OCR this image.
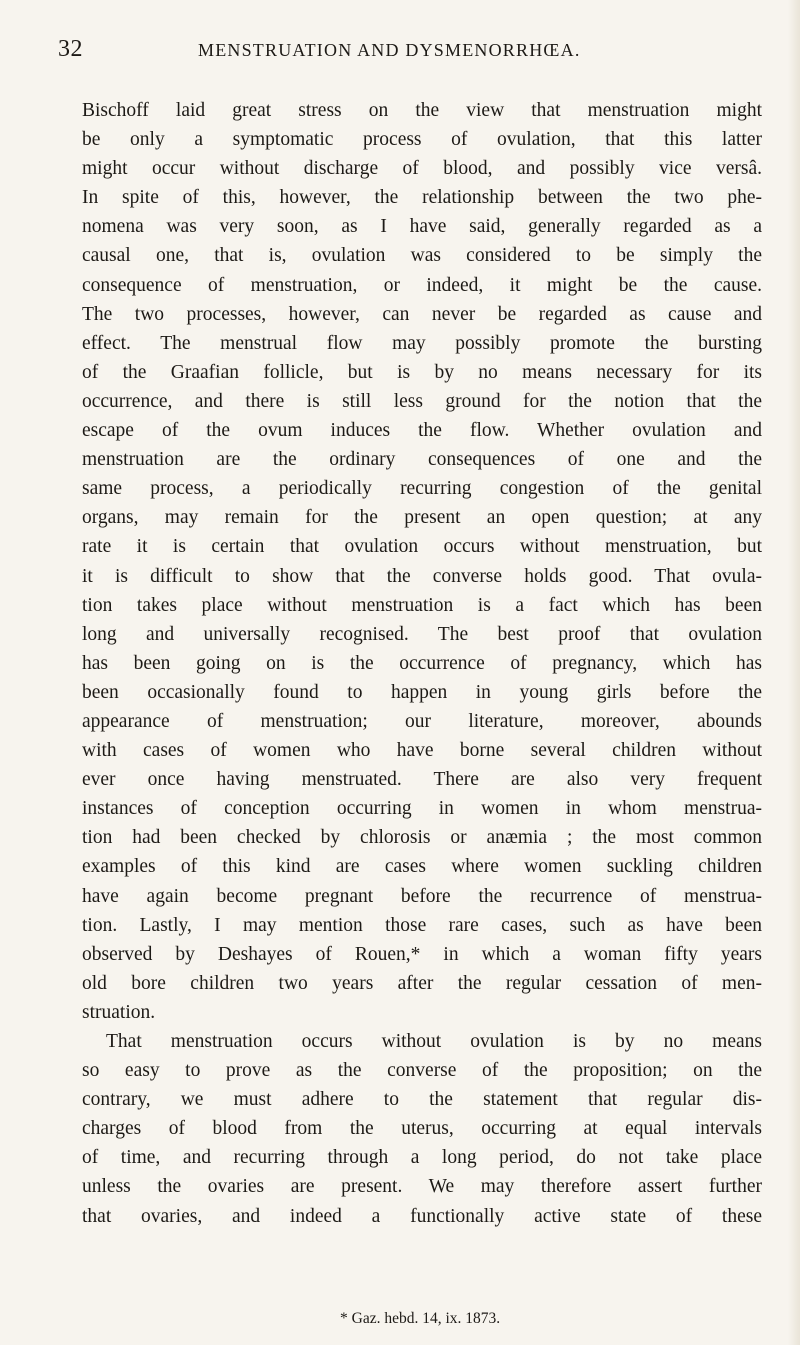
32	MENSTRUATION AND DYSMENORRHŒA.
Bischoff laid great stress on the view that menstruation might
be only a symptomatic process of ovulation, that this latter
might occur without discharge of blood, and possibly vice versâ.
In spite of this, however, the relationship between the two phe-
nomena was very soon, as I have said, generally regarded as a
causal one, that is, ovulation was considered to be simply the
consequence of menstruation, or indeed, it might be the cause.
The two processes, however, can never be regarded as cause and
effect. The menstrual flow may possibly promote the bursting
of the Graafian follicle, but is by no means necessary for its
occurrence, and there is still less ground for the notion that the
escape of the ovum induces the flow. Whether ovulation and
menstruation are the ordinary consequences of one and the
same process, a periodically recurring congestion of the genital
organs, may remain for the present an open question; at any
rate it is certain that ovulation occurs without menstruation, but
it is difficult to show that the converse holds good. That ovula-
tion takes place without menstruation is a fact which has been
long and universally recognised. The best proof that ovulation
has been going on is the occurrence of pregnancy, which has
been occasionally found to happen in young girls before the
appearance of menstruation; our literature, moreover, abounds
with cases of women who have borne several children without
ever once having menstruated. There are also very frequent
instances of conception occurring in women in whom menstrua-
tion had been checked by chlorosis or anæmia ; the most common
examples of this kind are cases where women suckling children
have again become pregnant before the recurrence of menstrua-
tion. Lastly, I may mention those rare cases, such as have been
observed by Deshayes of Rouen,* in which a woman fifty years
old bore children two years after the regular cessation of men-
struation.
That menstruation occurs without ovulation is by no means
so easy to prove as the converse of the proposition; on the
contrary, we must adhere to the statement that regular dis-
charges of blood from the uterus, occurring at equal intervals
of time, and recurring through a long period, do not take place
unless the ovaries are present. We may therefore assert further
that ovaries, and indeed a functionally active state of these
* Gaz. hebd. 14, ix. 1873.
